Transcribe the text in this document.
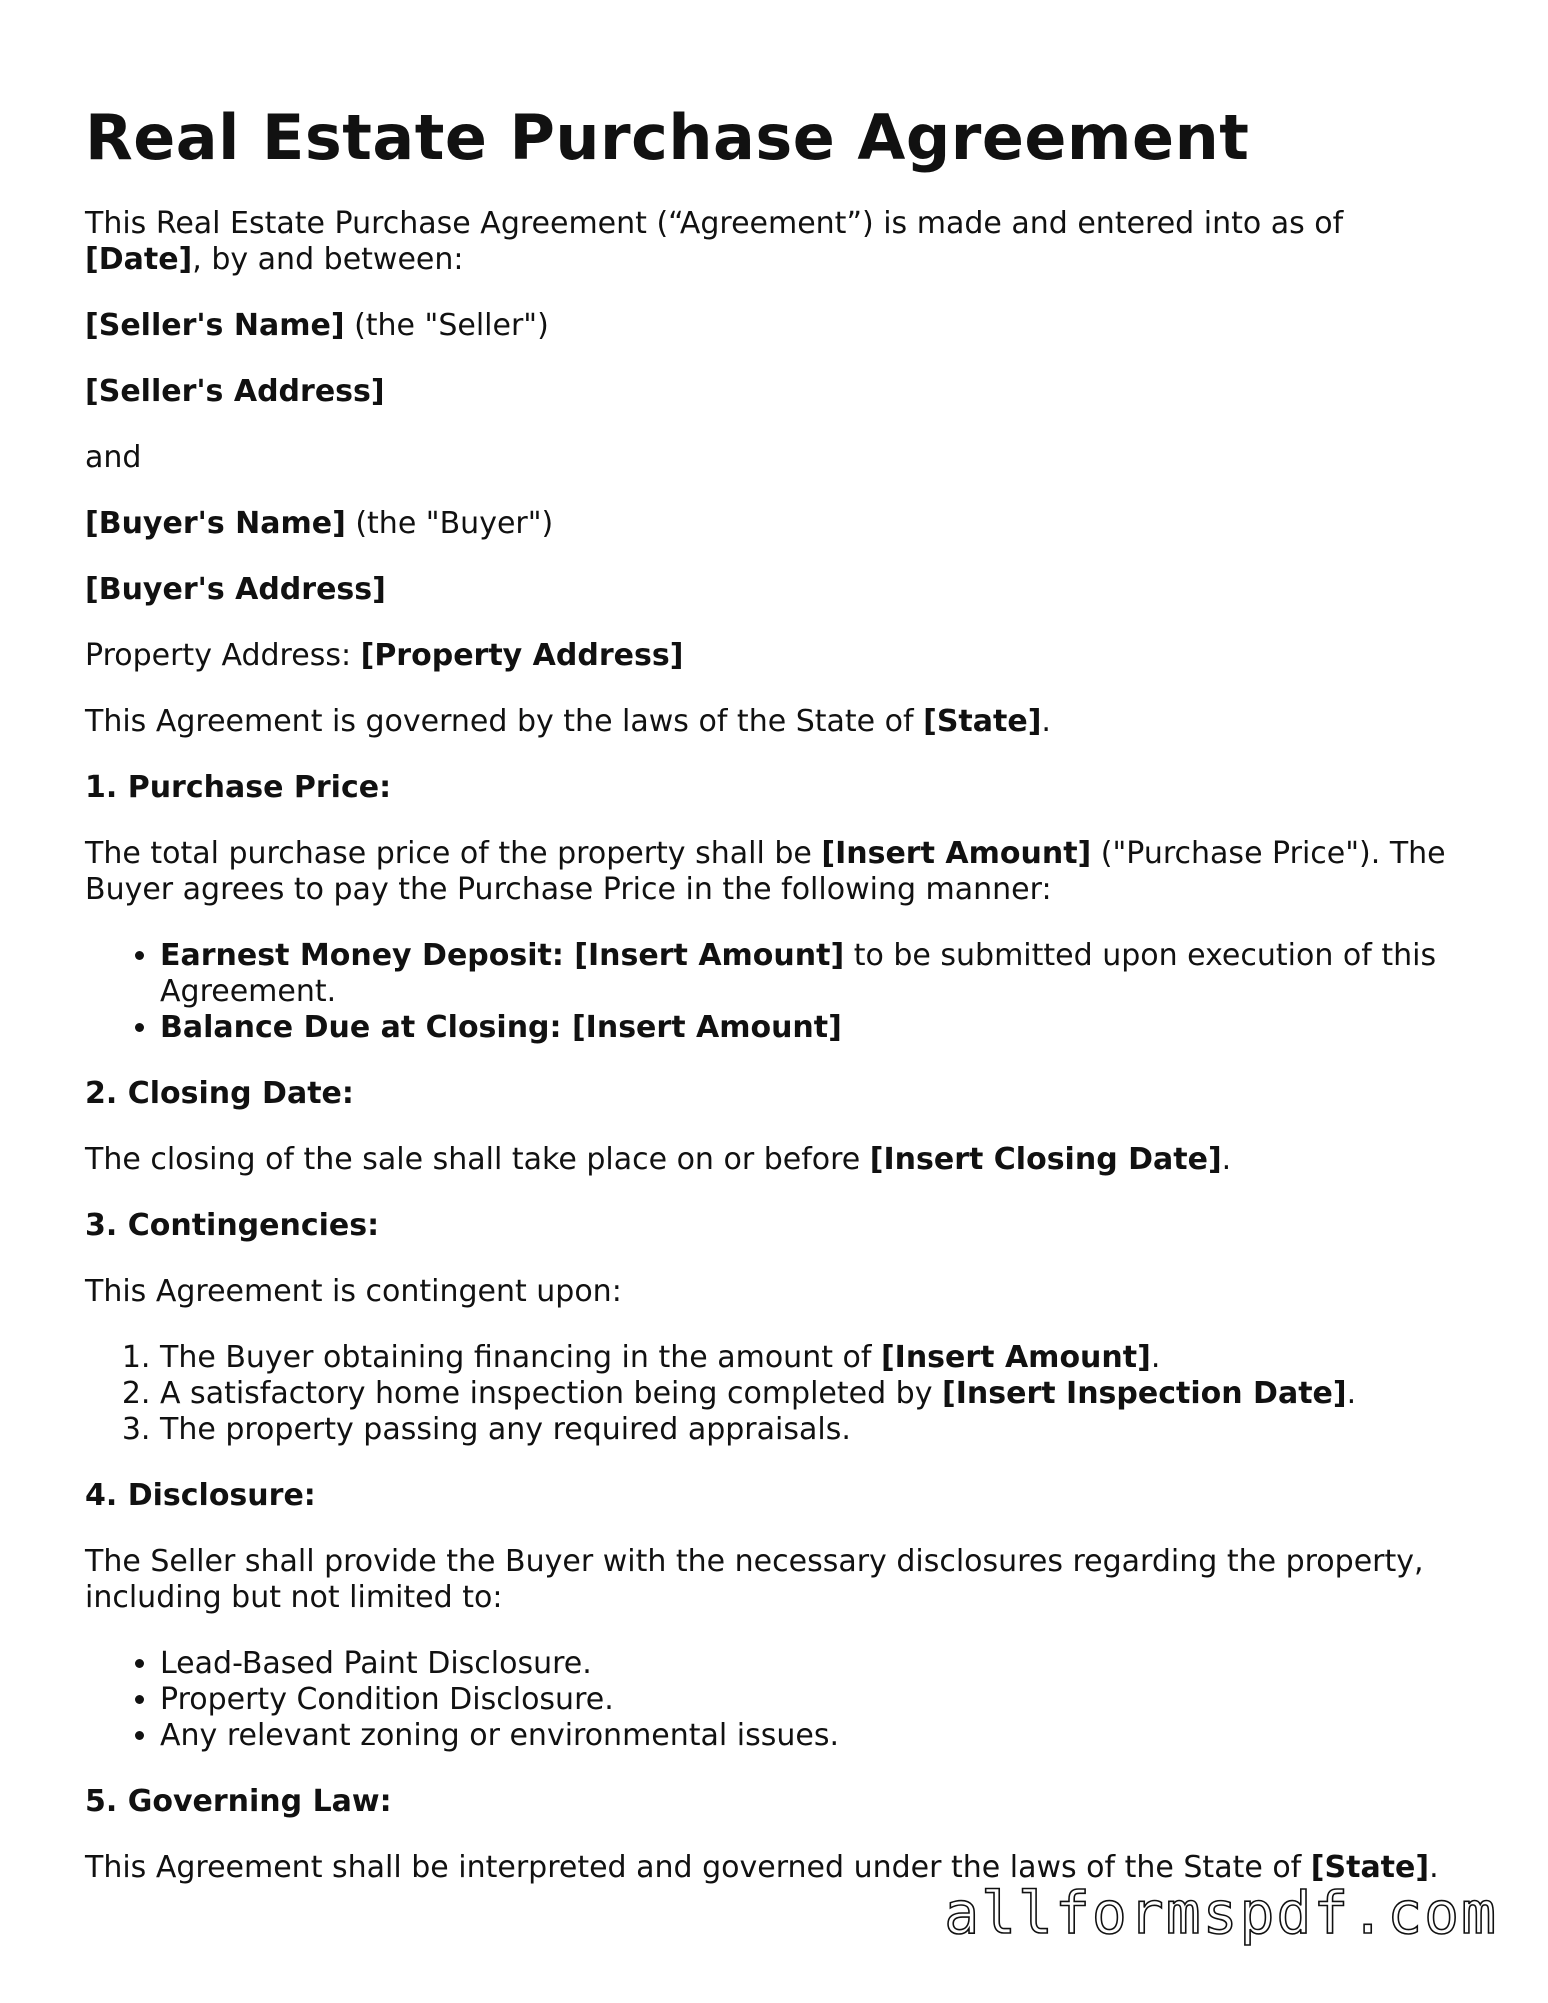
Real Estate Purchase Agreement

This Real Estate Purchase Agreement (“Agreement”) is made and entered into as of
[Date], by and between:

[Seller's Name] (the "Seller")

[Seller's Address]

and

[Buyer's Name] (the "Buyer")

[Buyer's Address]

Property Address: [Property Address]

This Agreement is governed by the laws of the State of [State].

1. Purchase Price:

The total purchase price of the property shall be [Insert Amount] ("Purchase Price"). The Buyer agrees to pay the Purchase Price in the following manner:

• Earnest Money Deposit: [Insert Amount] to be submitted upon execution of this Agreement.
• Balance Due at Closing: [Insert Amount]

2. Closing Date:

The closing of the sale shall take place on or before [Insert Closing Date].

3. Contingencies:

This Agreement is contingent upon:

1. The Buyer obtaining financing in the amount of [Insert Amount].
2. A satisfactory home inspection being completed by [Insert Inspection Date].
3. The property passing any required appraisals.

4. Disclosure:

The Seller shall provide the Buyer with the necessary disclosures regarding the property, including but not limited to:

• Lead-Based Paint Disclosure.
• Property Condition Disclosure.
• Any relevant zoning or environmental issues.

5. Governing Law:

This Agreement shall be interpreted and governed under the laws of the State of [State].

allformspdf.com
